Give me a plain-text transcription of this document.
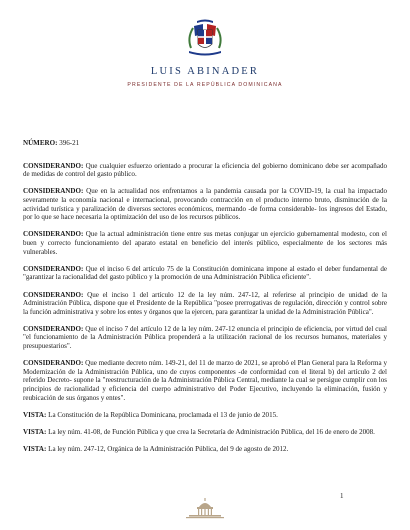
LUIS ABINADER
PRESIDENTE DE LA REPÚBLICA DOMINICANA

NÚMERO: 396-21

CONSIDERANDO: Que cualquier esfuerzo orientado a procurar la eficiencia del gobierno dominicano debe ser acompañado de medidas de control del gasto público.

CONSIDERANDO: Que en la actualidad nos enfrentamos a la pandemia causada por la COVID-19, la cual ha impactado severamente la economía nacional e internacional, provocando contracción en el producto interno bruto, disminución de la actividad turística y paralización de diversos sectores económicos, mermando -de forma considerable- los ingresos del Estado, por lo que se hace necesaria la optimización del uso de los recursos públicos.

CONSIDERANDO: Que la actual administración tiene entre sus metas conjugar un ejercicio gubernamental modesto, con el buen y correcto funcionamiento del aparato estatal en beneficio del interés público, especialmente de los sectores más vulnerables.

CONSIDERANDO: Que el inciso 6 del artículo 75 de la Constitución dominicana impone al estado el deber fundamental de "garantizar la racionalidad del gasto público y la promoción de una Administración Pública eficiente".

CONSIDERANDO: Que el inciso 1 del artículo 12 de la ley núm. 247-12, al referirse al principio de unidad de la Administración Pública, dispone que el Presidente de la República "posee prerrogativas de regulación, dirección y control sobre la función administrativa y sobre los entes y órganos que la ejercen, para garantizar la unidad de la Administración Pública".

CONSIDERANDO: Que el inciso 7 del artículo 12 de la ley núm. 247-12 enuncia el principio de eficiencia, por virtud del cual "el funcionamiento de la Administración Pública propenderá a la utilización racional de los recursos humanos, materiales y presupuestarios".

CONSIDERANDO: Que mediante decreto núm. 149-21, del 11 de marzo de 2021, se aprobó el Plan General para la Reforma y Modernización de la Administración Pública, uno de cuyos componentes -de conformidad con el literal b) del artículo 2 del referido Decreto- supone la "reestructuración de la Administración Pública Central, mediante la cual se persigue cumplir con los principios de racionalidad y eficiencia del cuerpo administrativo del Poder Ejecutivo, incluyendo la eliminación, fusión y reubicación de sus órganos y entes".

VISTA: La Constitución de la República Dominicana, proclamada el 13 de junio de 2015.

VISTA: La ley núm. 41-08, de Función Pública y que crea la Secretaría de Administración Pública, del 16 de enero de 2008.

VISTA: La ley núm. 247-12, Orgánica de la Administración Pública, del 9 de agosto de 2012.

1
